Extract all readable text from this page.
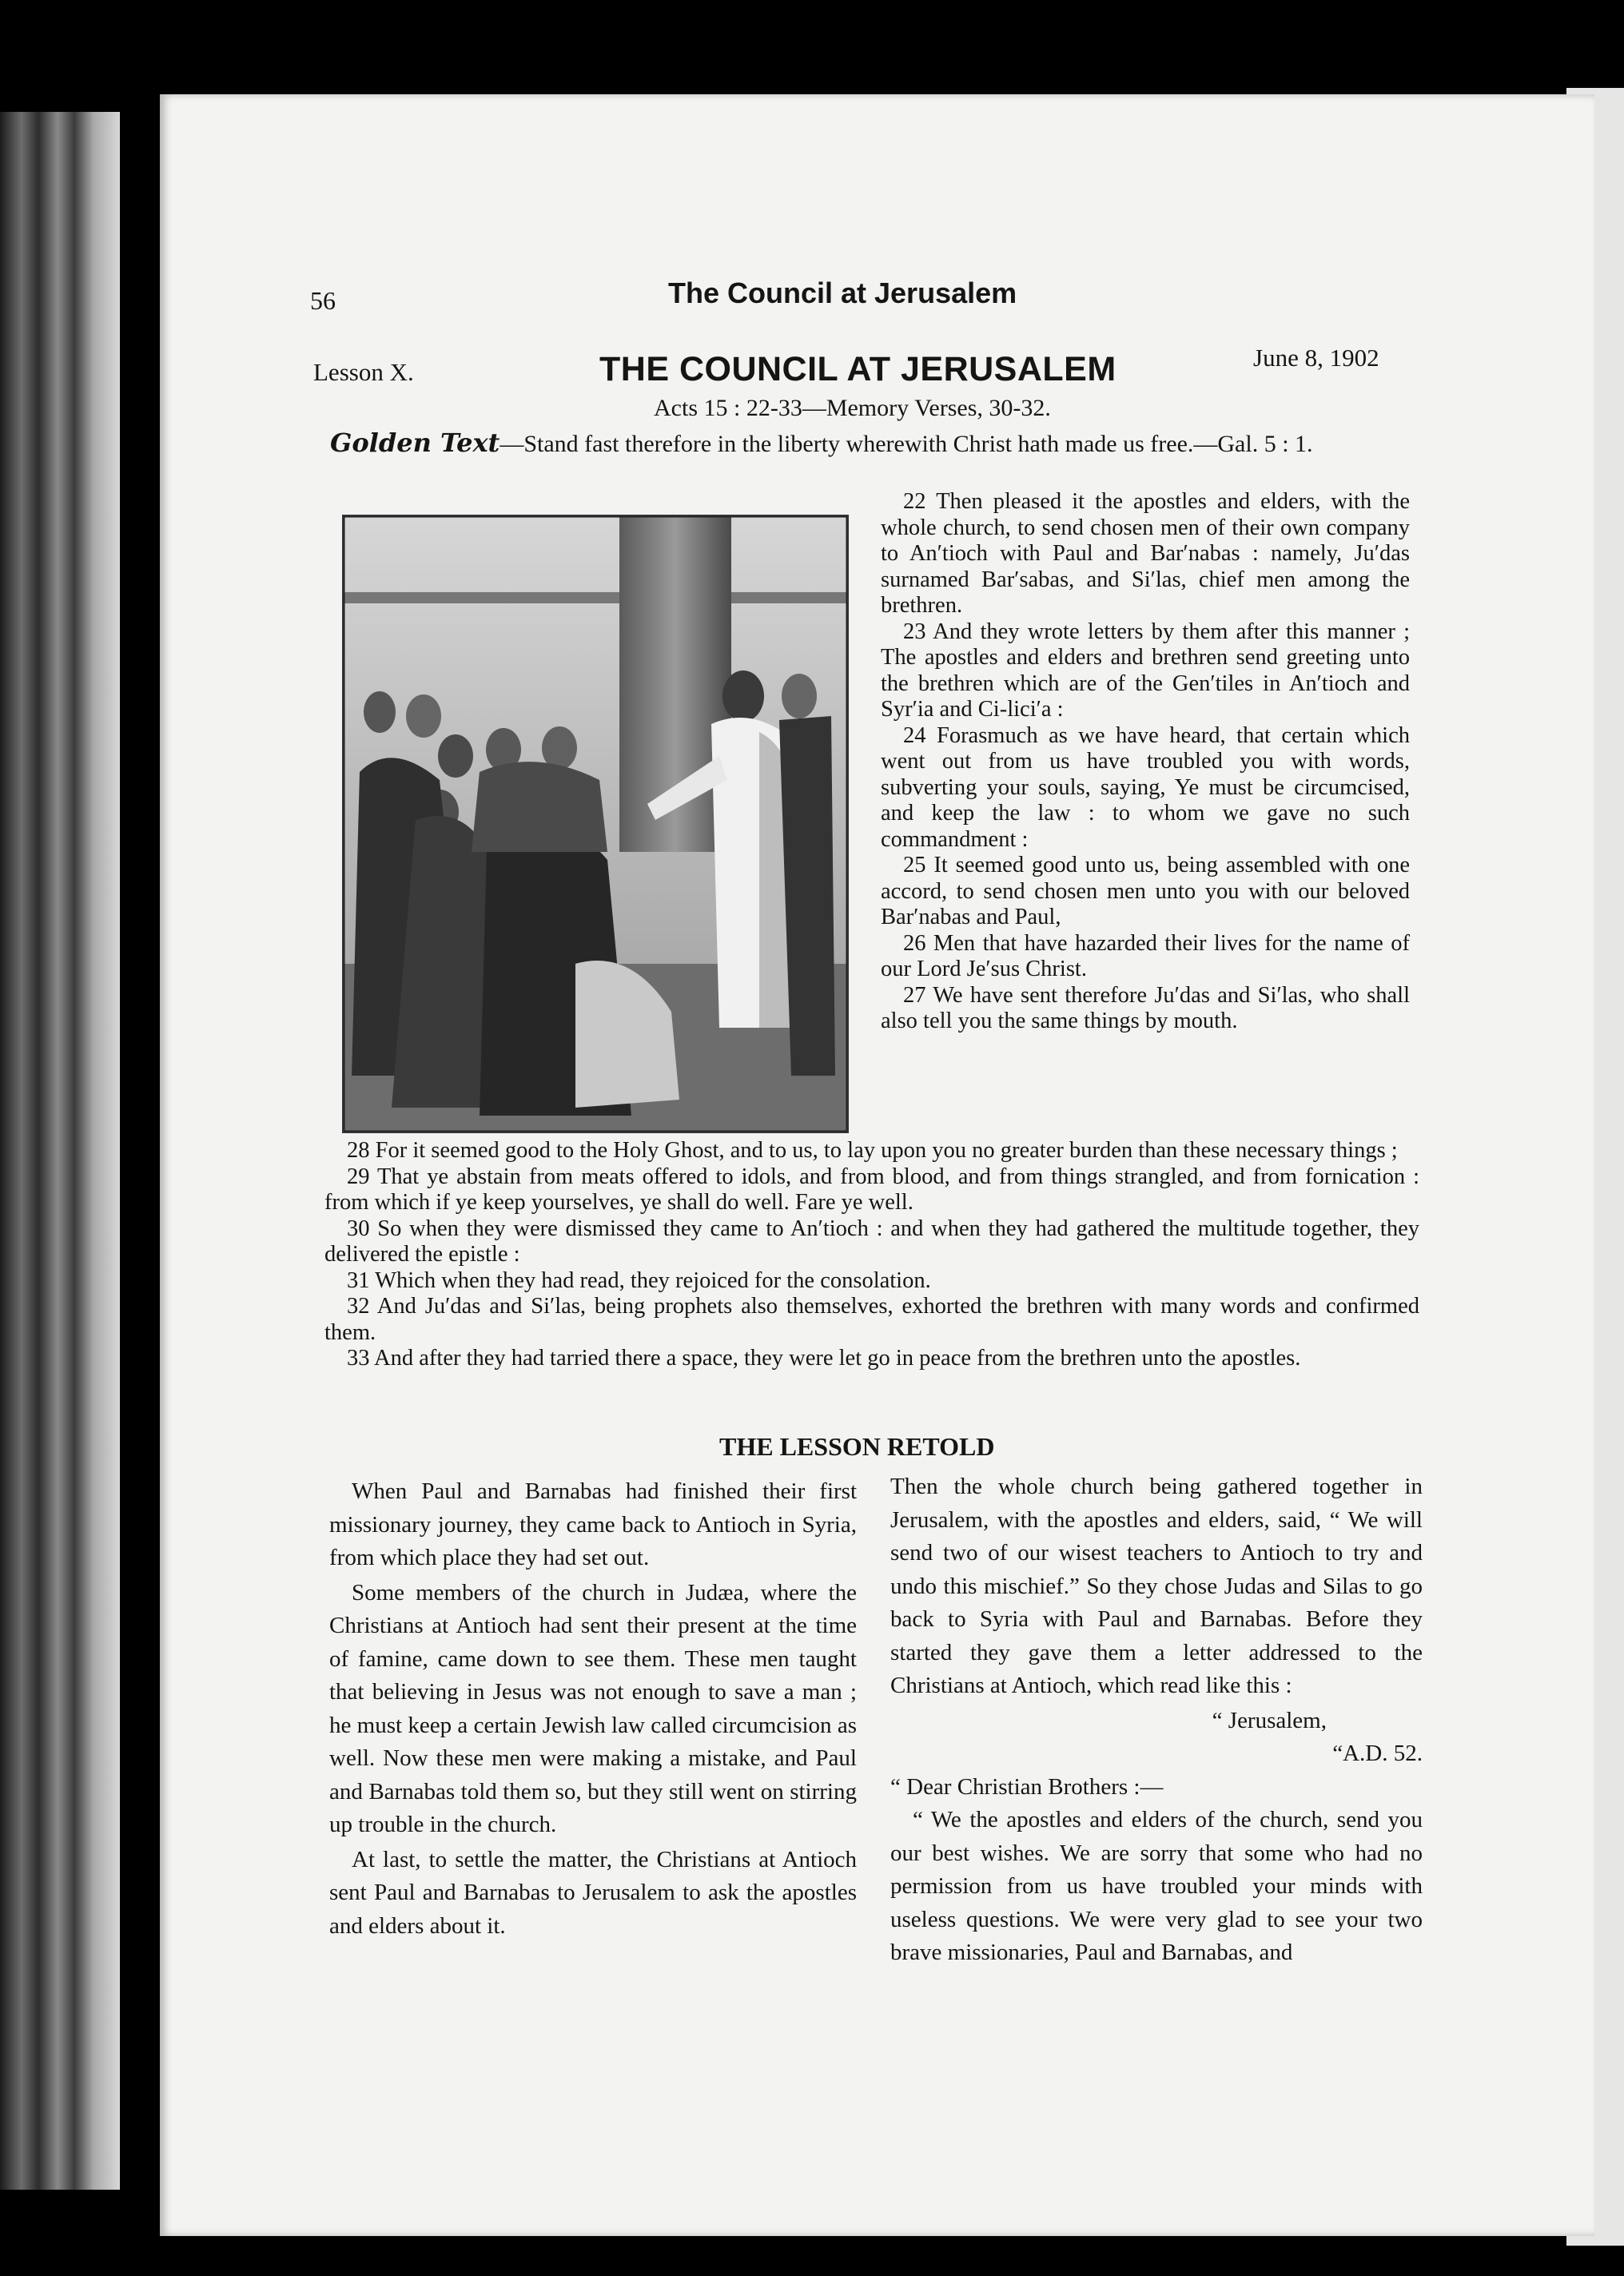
56	The Council at Jerusalem
Lesson X.	THE COUNCIL AT JERUSALEM	June 8, 1902
Acts 15 : 22-33—Memory Verses, 30-32.
Golden Text—Stand fast therefore in the liberty wherewith Christ hath made us free.—Gal. 5 : 1.

22 Then pleased it the apostles and elders, with the whole church, to send chosen men of their own company to An′tioch with Paul and Bar′nabas : namely, Ju′das surnamed Bar′sabas, and Si′las, chief men among the brethren.

23 And they wrote letters by them after this manner ; The apostles and elders and brethren send greeting unto the brethren which are of the Gen′tiles in An′tioch and Syr′ia and Ci-lici′a :

24 Forasmuch as we have heard, that certain which went out from us have troubled you with words, subverting your souls, saying, Ye must be circumcised, and keep the law : to whom we gave no such commandment :

25 It seemed good unto us, being assembled with one accord, to send chosen men unto you with our beloved Bar′nabas and Paul,

26 Men that have hazarded their lives for the name of our Lord Je′sus Christ.

27 We have sent therefore Ju′das and Si′las, who shall also tell you the same things by mouth.

28 For it seemed good to the Holy Ghost, and to us, to lay upon you no greater burden than these necessary things ;

29 That ye abstain from meats offered to idols, and from blood, and from things strangled, and from fornication : from which if ye keep yourselves, ye shall do well. Fare ye well.

30 So when they were dismissed they came to An′tioch : and when they had gathered the multitude together, they delivered the epistle :

31 Which when they had read, they rejoiced for the consolation.

32 And Ju′das and Si′las, being prophets also themselves, exhorted the brethren with many words and confirmed them.

33 And after they had tarried there a space, they were let go in peace from the brethren unto the apostles.

THE LESSON RETOLD

When Paul and Barnabas had finished their first missionary journey, they came back to Antioch in Syria, from which place they had set out.

Some members of the church in Judæa, where the Christians at Antioch had sent their present at the time of famine, came down to see them. These men taught that believing in Jesus was not enough to save a man ; he must keep a certain Jewish law called circumcision as well. Now these men were making a mistake, and Paul and Barnabas told them so, but they still went on stirring up trouble in the church.

At last, to settle the matter, the Christians at Antioch sent Paul and Barnabas to Jerusalem to ask the apostles and elders about it.

Then the whole church being gathered together in Jerusalem, with the apostles and elders, said, “ We will send two of our wisest teachers to Antioch to try and undo this mischief.” So they chose Judas and Silas to go back to Syria with Paul and Barnabas. Before they started they gave them a letter addressed to the Christians at Antioch, which read like this :

“ Jerusalem,
“A.D. 52.
“ Dear Christian Brothers :—

“ We the apostles and elders of the church, send you our best wishes. We are sorry that some who had no permission from us have troubled your minds with useless questions. We were very glad to see your two brave missionaries, Paul and Barnabas, and
